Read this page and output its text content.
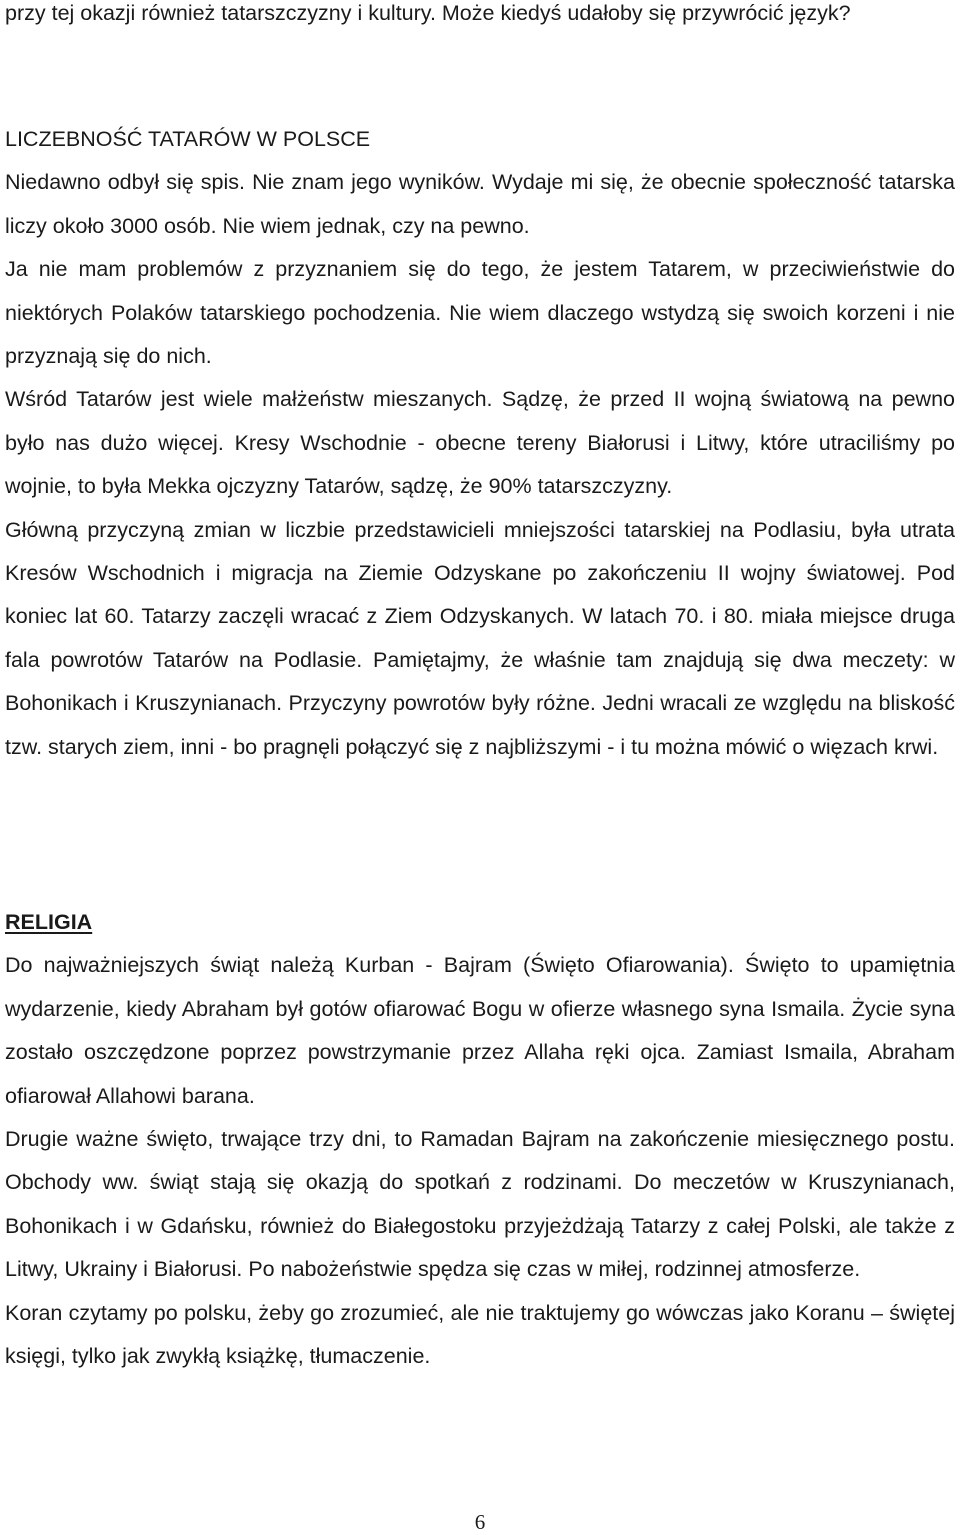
przy tej okazji również tatarszczyzny i kultury. Może kiedyś udałoby się przywrócić język?

LICZEBNOŚĆ TATARÓW W POLSCE

Niedawno odbył się spis. Nie znam jego wyników. Wydaje mi się, że obecnie społeczność tatarska liczy około 3000 osób. Nie wiem jednak, czy na pewno.

Ja nie mam problemów z przyznaniem się do tego, że jestem Tatarem, w przeciwieństwie do niektórych Polaków tatarskiego pochodzenia. Nie wiem dlaczego wstydzą się swoich korzeni i nie przyznają się do nich.

Wśród Tatarów jest wiele małżeństw mieszanych. Sądzę, że przed II wojną światową na pewno było nas dużo więcej. Kresy Wschodnie - obecne tereny Białorusi i Litwy, które utraciliśmy po wojnie, to była Mekka ojczyzny Tatarów, sądzę, że 90% tatarszczyzny.

Główną przyczyną zmian w liczbie przedstawicieli mniejszości tatarskiej na Podlasiu, była utrata Kresów Wschodnich i migracja na Ziemie Odzyskane po zakończeniu II wojny światowej. Pod koniec lat 60. Tatarzy zaczęli wracać z Ziem Odzyskanych. W latach 70. i 80. miała miejsce druga fala powrotów Tatarów na Podlasie. Pamiętajmy, że właśnie tam znajdują się dwa meczety: w Bohonikach i Kruszynianach. Przyczyny powrotów były różne. Jedni wracali ze względu na bliskość tzw. starych ziem, inni - bo pragnęli połączyć się z najbliższymi - i tu można mówić o więzach krwi.

RELIGIA

Do najważniejszych świąt należą Kurban - Bajram (Święto Ofiarowania). Święto to upamiętnia wydarzenie, kiedy Abraham był gotów ofiarować Bogu w ofierze własnego syna Ismaila. Życie syna zostało oszczędzone poprzez powstrzymanie przez Allaha ręki ojca. Zamiast Ismaila, Abraham ofiarował Allahowi barana.

Drugie ważne święto, trwające trzy dni, to Ramadan Bajram na zakończenie miesięcznego postu. Obchody ww. świąt stają się okazją do spotkań z rodzinami. Do meczetów w Kruszynianach, Bohonikach i w Gdańsku, również do Białegostoku przyjeżdżają Tatarzy z całej Polski, ale także z Litwy, Ukrainy i Białorusi. Po nabożeństwie spędza się czas w miłej, rodzinnej atmosferze.

Koran czytamy po polsku, żeby go zrozumieć, ale nie traktujemy go wówczas jako Koranu – świętej księgi, tylko jak zwykłą książkę, tłumaczenie.

6
